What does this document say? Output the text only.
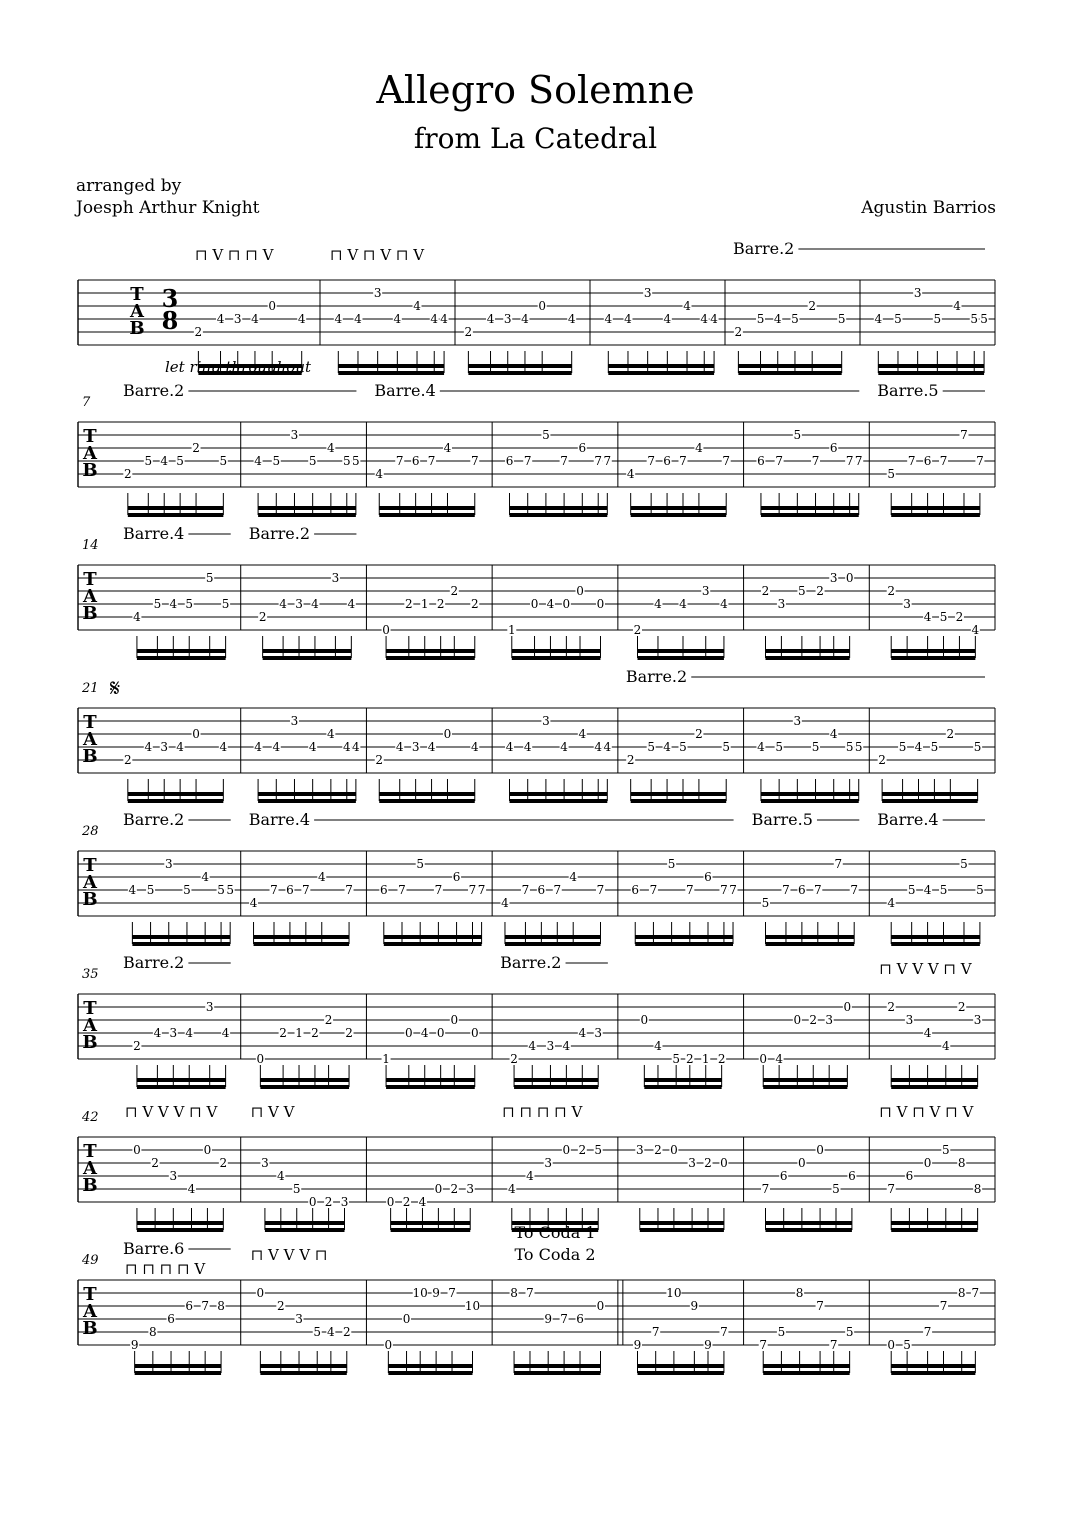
Allegro Solemne
from La Catedral
arranged by
Joesph Arthur Knight	Agustin Barrios
T
A
B
3
8 2
4 3 4
0
4
⊓ V ⊓ ⊓ V
4 4
3
4
4
4 4
⊓ V ⊓ V ⊓ V
2
4 3 4
0
4 4 4
3
4
4
4 4
2
5 4 5
2
5
Barre.2
4 5
3
5
4
5 5
let ring throughout
T
A
B
7
2
5 4 5
2
5
Barre.2
4 5
3
5
4
5 5
4
7 6 7
4
7
Barre.4
6 7
5
7
6
7 7
4
7 6 7
4
7 6 7
5
7
6
7 7
5
7 6 7
7
7
Barre.5
T
A
B
14
4
5 4 5
5
5
Barre.4
2
4 3 4
3
4
Barre.2
0
2 1 2
2
2
1
0 4 0
0
0
2
4 4
3
4
2
3
5 2
3 0
2
3
4 5 2
4
T
A
B
21 𝄋
2
4 3 4
0
4 4 4
3
4
4
4 4
2
4 3 4
0
4 4 4
3
4
4
4 4
2
5 4 5
2
5
Barre.2
4 5
3
5
4
5 5
2
5 4 5
2
5
T
A
B
28
4 5
3
5
4
5 5
Barre.2
4
7 6 7
4
7
Barre.4
6 7
5
7
6
7 7
4
7 6 7
4
7 6 7
5
7
6
7 7
5
7 6 7
7
7
Barre.5
4
5 4 5
5
5
Barre.4
T
A
B
35
2
4 3 4
3
4
Barre.2
0
2 1 2
2
2
1
0 4 0
0
0
2
4 3 4
4 3
Barre.2
0
4
5 2 1 2	0 4
0 2 3
0	2
3
4
4
2
3
⊓ V V V ⊓ V
T
A
B
42
0
2
3
4
0
2
⊓ V V V ⊓ V
3
4
5
0 2 3
⊓ V V
0 2 4
0 2 3	4
4
3
0 2 5
⊓ ⊓ ⊓ ⊓ V
3 2 0
3 2 0
7
6
0
0
5
6
7
6
0
5
8
8
⊓ V ⊓ V ⊓ V
T
A
B
49
9
8
6
6 7 8
Barre.6
⊓ ⊓ ⊓ ⊓ V
0
2
3
5 4 2
⊓ V V V ⊓
0
0
10 9 7
10
8 7
9 7 6
0
To Coda 1
To Coda 2
9
7
10
9
9
7
7
5
8
7
7
5
0 5
7
7
8 7
